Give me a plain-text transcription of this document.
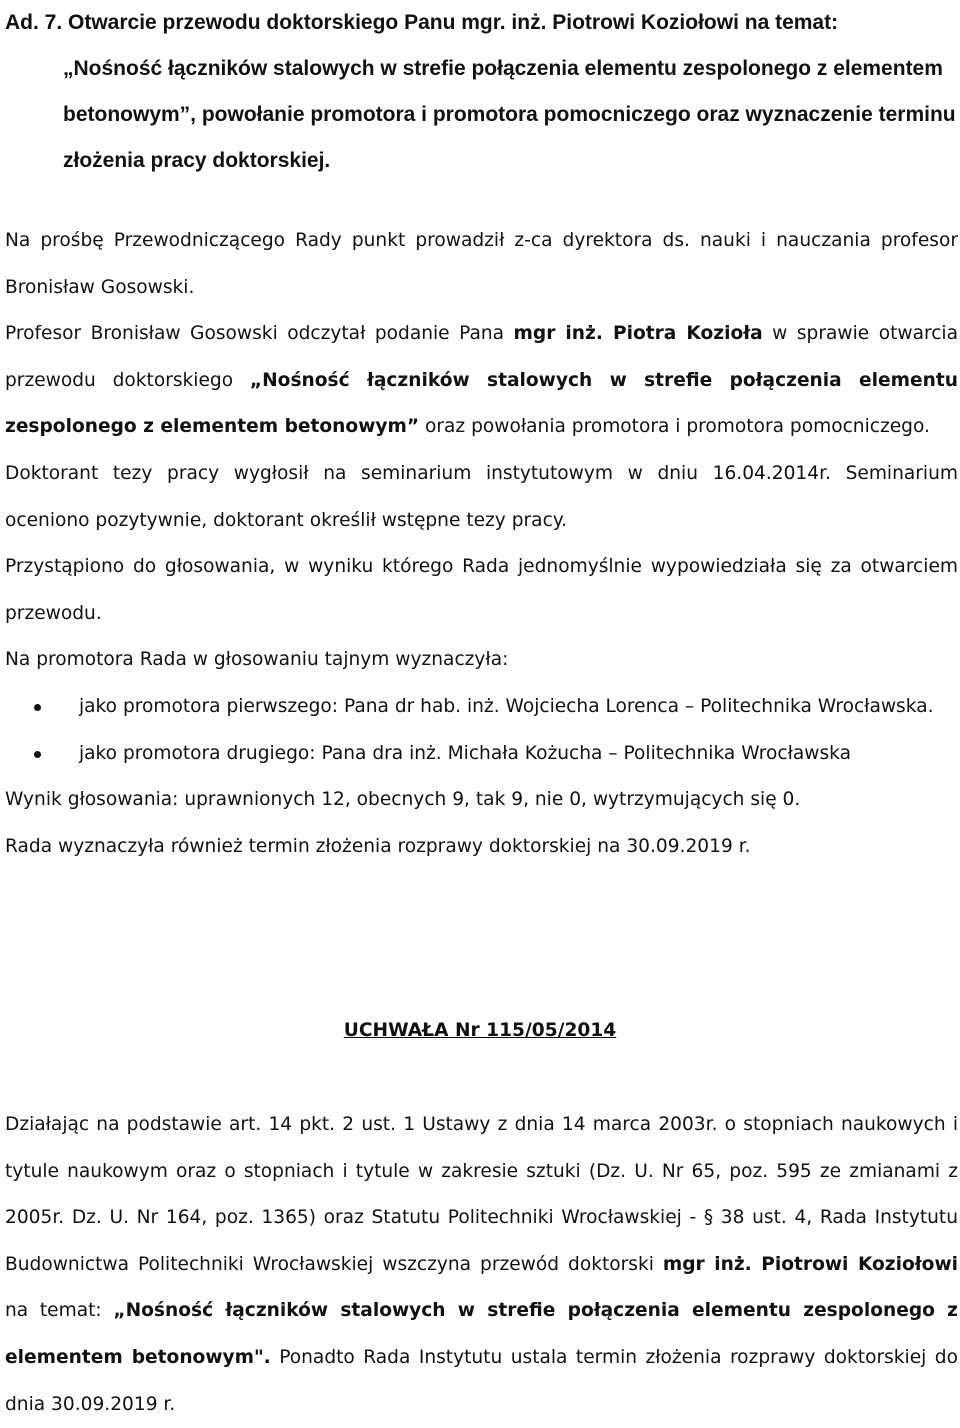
Ad. 7. Otwarcie przewodu doktorskiego Panu mgr. inż. Piotrowi Koziołowi na temat:

„Nośność łączników stalowych w strefie połączenia elementu zespolonego z elementem betonowym”, powołanie promotora i promotora pomocniczego oraz wyznaczenie terminu złożenia pracy doktorskiej.

Na prośbę Przewodniczącego Rady punkt prowadził z-ca dyrektora ds. nauki i nauczania profesor Bronisław Gosowski.

Profesor Bronisław Gosowski odczytał podanie Pana mgr inż. Piotra Kozioła w sprawie otwarcia przewodu doktorskiego „Nośność łączników stalowych w strefie połączenia elementu zespolonego z elementem betonowym” oraz powołania promotora i promotora pomocniczego.

Doktorant tezy pracy wygłosił na seminarium instytutowym w dniu 16.04.2014r. Seminarium oceniono pozytywnie, doktorant określił wstępne tezy pracy.

Przystąpiono do głosowania, w wyniku którego Rada jednomyślnie wypowiedziała się za otwarciem przewodu.

Na promotora Rada w głosowaniu tajnym wyznaczyła:

jako promotora pierwszego: Pana dr hab. inż. Wojciecha Lorenca – Politechnika Wrocławska.
jako promotora drugiego: Pana dra inż. Michała Kożucha – Politechnika Wrocławska

Wynik głosowania: uprawnionych 12, obecnych 9, tak 9, nie 0, wytrzymujących się 0.

Rada wyznaczyła również termin złożenia rozprawy doktorskiej na 30.09.2019 r.

UCHWAŁA Nr 115/05/2014

Działając na podstawie art. 14 pkt. 2 ust. 1 Ustawy z dnia 14 marca 2003r. o stopniach naukowych i tytule naukowym oraz o stopniach i tytule w zakresie sztuki (Dz. U. Nr 65, poz. 595 ze zmianami z 2005r. Dz. U. Nr 164, poz. 1365) oraz Statutu Politechniki Wrocławskiej - § 38 ust. 4, Rada Instytutu Budownictwa Politechniki Wrocławskiej wszczyna przewód doktorski mgr inż. Piotrowi Koziołowi na temat: „Nośność łączników stalowych w strefie połączenia elementu zespolonego z elementem betonowym". Ponadto Rada Instytutu ustala termin złożenia rozprawy doktorskiej do dnia 30.09.2019 r.
